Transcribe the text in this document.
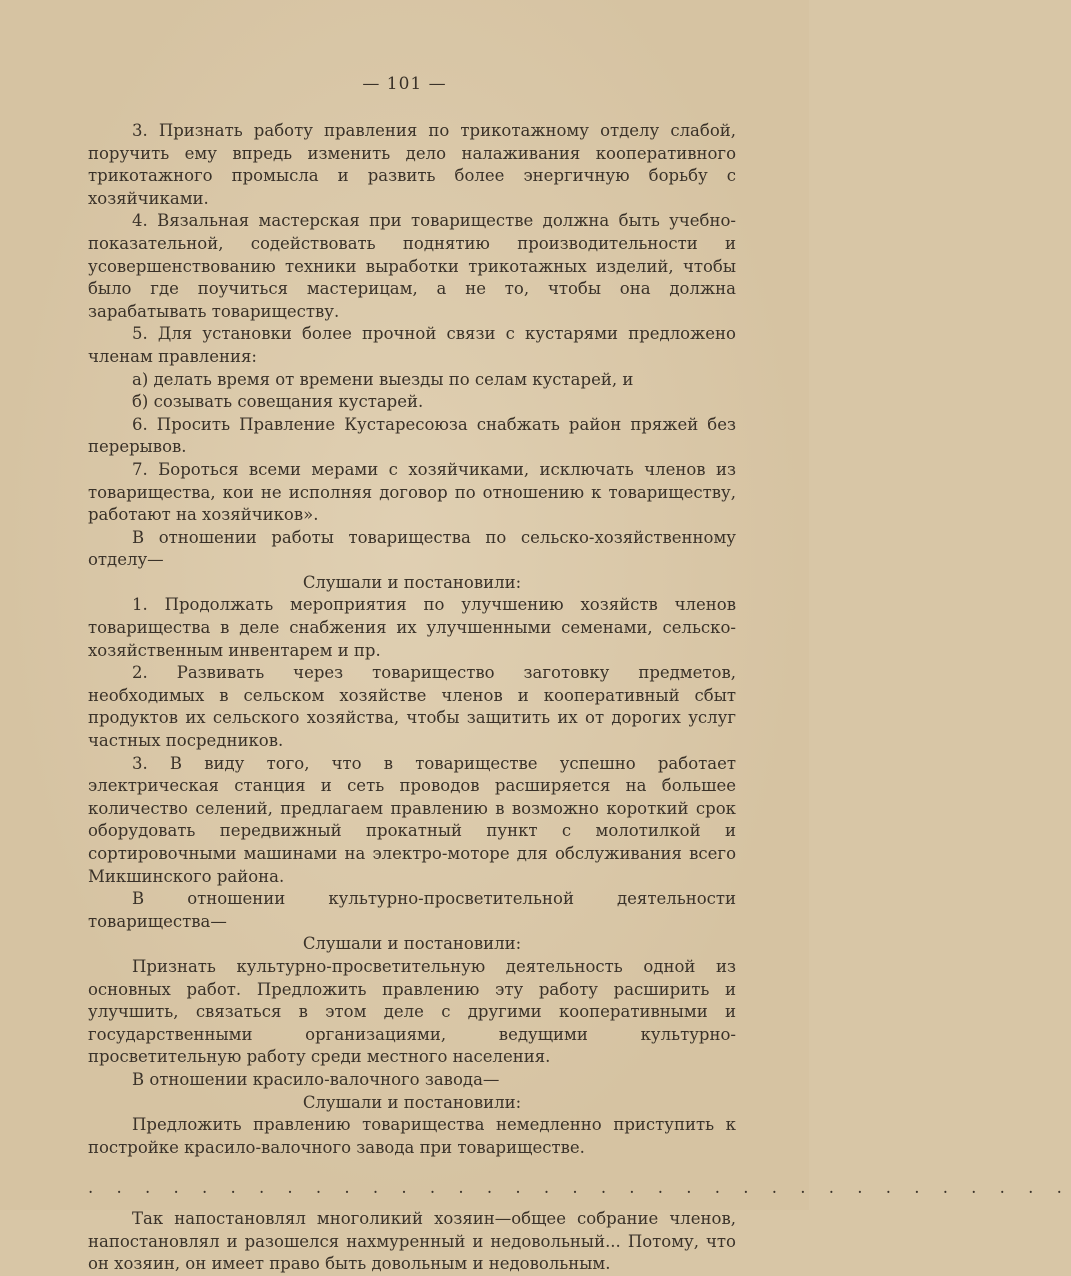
— 101 —

3. Признать работу правления по трикотажному отделу слабой, поручить ему впредь изменить дело налаживания кооперативного трикотажного промысла и развить более энергичную борьбу с хозяйчиками.

4. Вязальная мастерская при товариществе должна быть учебно-показательной, содействовать поднятию производительности и усовершенствованию техники выработки трикотажных изделий, чтобы было где поучиться мастерицам, а не то, чтобы она должна зарабатывать товариществу.

5. Для установки более прочной связи с кустарями предложено членам правления:

а) делать время от времени выезды по селам кустарей, и

б) созывать совещания кустарей.

6. Просить Правление Кустаресоюза снабжать район пряжей без перерывов.

7. Бороться всеми мерами с хозяйчиками, исключать членов из товарищества, кои не исполняя договор по отношению к товариществу, работают на хозяйчиков».

В отношении работы товарищества по сельско-хозяйственному отделу—

Слушали и постановили:

1. Продолжать мероприятия по улучшению хозяйств членов товарищества в деле снабжения их улучшенными семенами, сельско-хозяйственным инвентарем и пр.

2. Развивать через товарищество заготовку предметов, необходимых в сельском хозяйстве членов и кооперативный сбыт продуктов их сельского хозяйства, чтобы защитить их от дорогих услуг частных посредников.

3. В виду того, что в товариществе успешно работает электрическая станция и сеть проводов расширяется на большее количество селений, предлагаем правлению в возможно короткий срок оборудовать передвижный прокатный пункт с молотилкой и сортировочными машинами на электро-моторе для обслуживания всего Микшинского района.

В отношении культурно-просветительной деятельности товарищества—

Слушали и постановили:

Признать культурно-просветительную деятельность одной из основных работ. Предложить правлению эту работу расширить и улучшить, связаться в этом деле с другими кооперативными и государственными организациями, ведущими культурно-просветительную работу среди местного населения.

В отношении красило-валочного завода—

Слушали и постановили:

Предложить правлению товарищества немедленно приступить к постройке красило-валочного завода при товариществе.

. . . . . . . . . . . . . . . . . . . . . . . . . . . . . . . . . . .

Так напостановлял многоликий хозяин—общее собрание членов, напостановлял и разошелся нахмуренный и недовольный... Потому, что он хозяин, он имеет право быть довольным и недовольным.
